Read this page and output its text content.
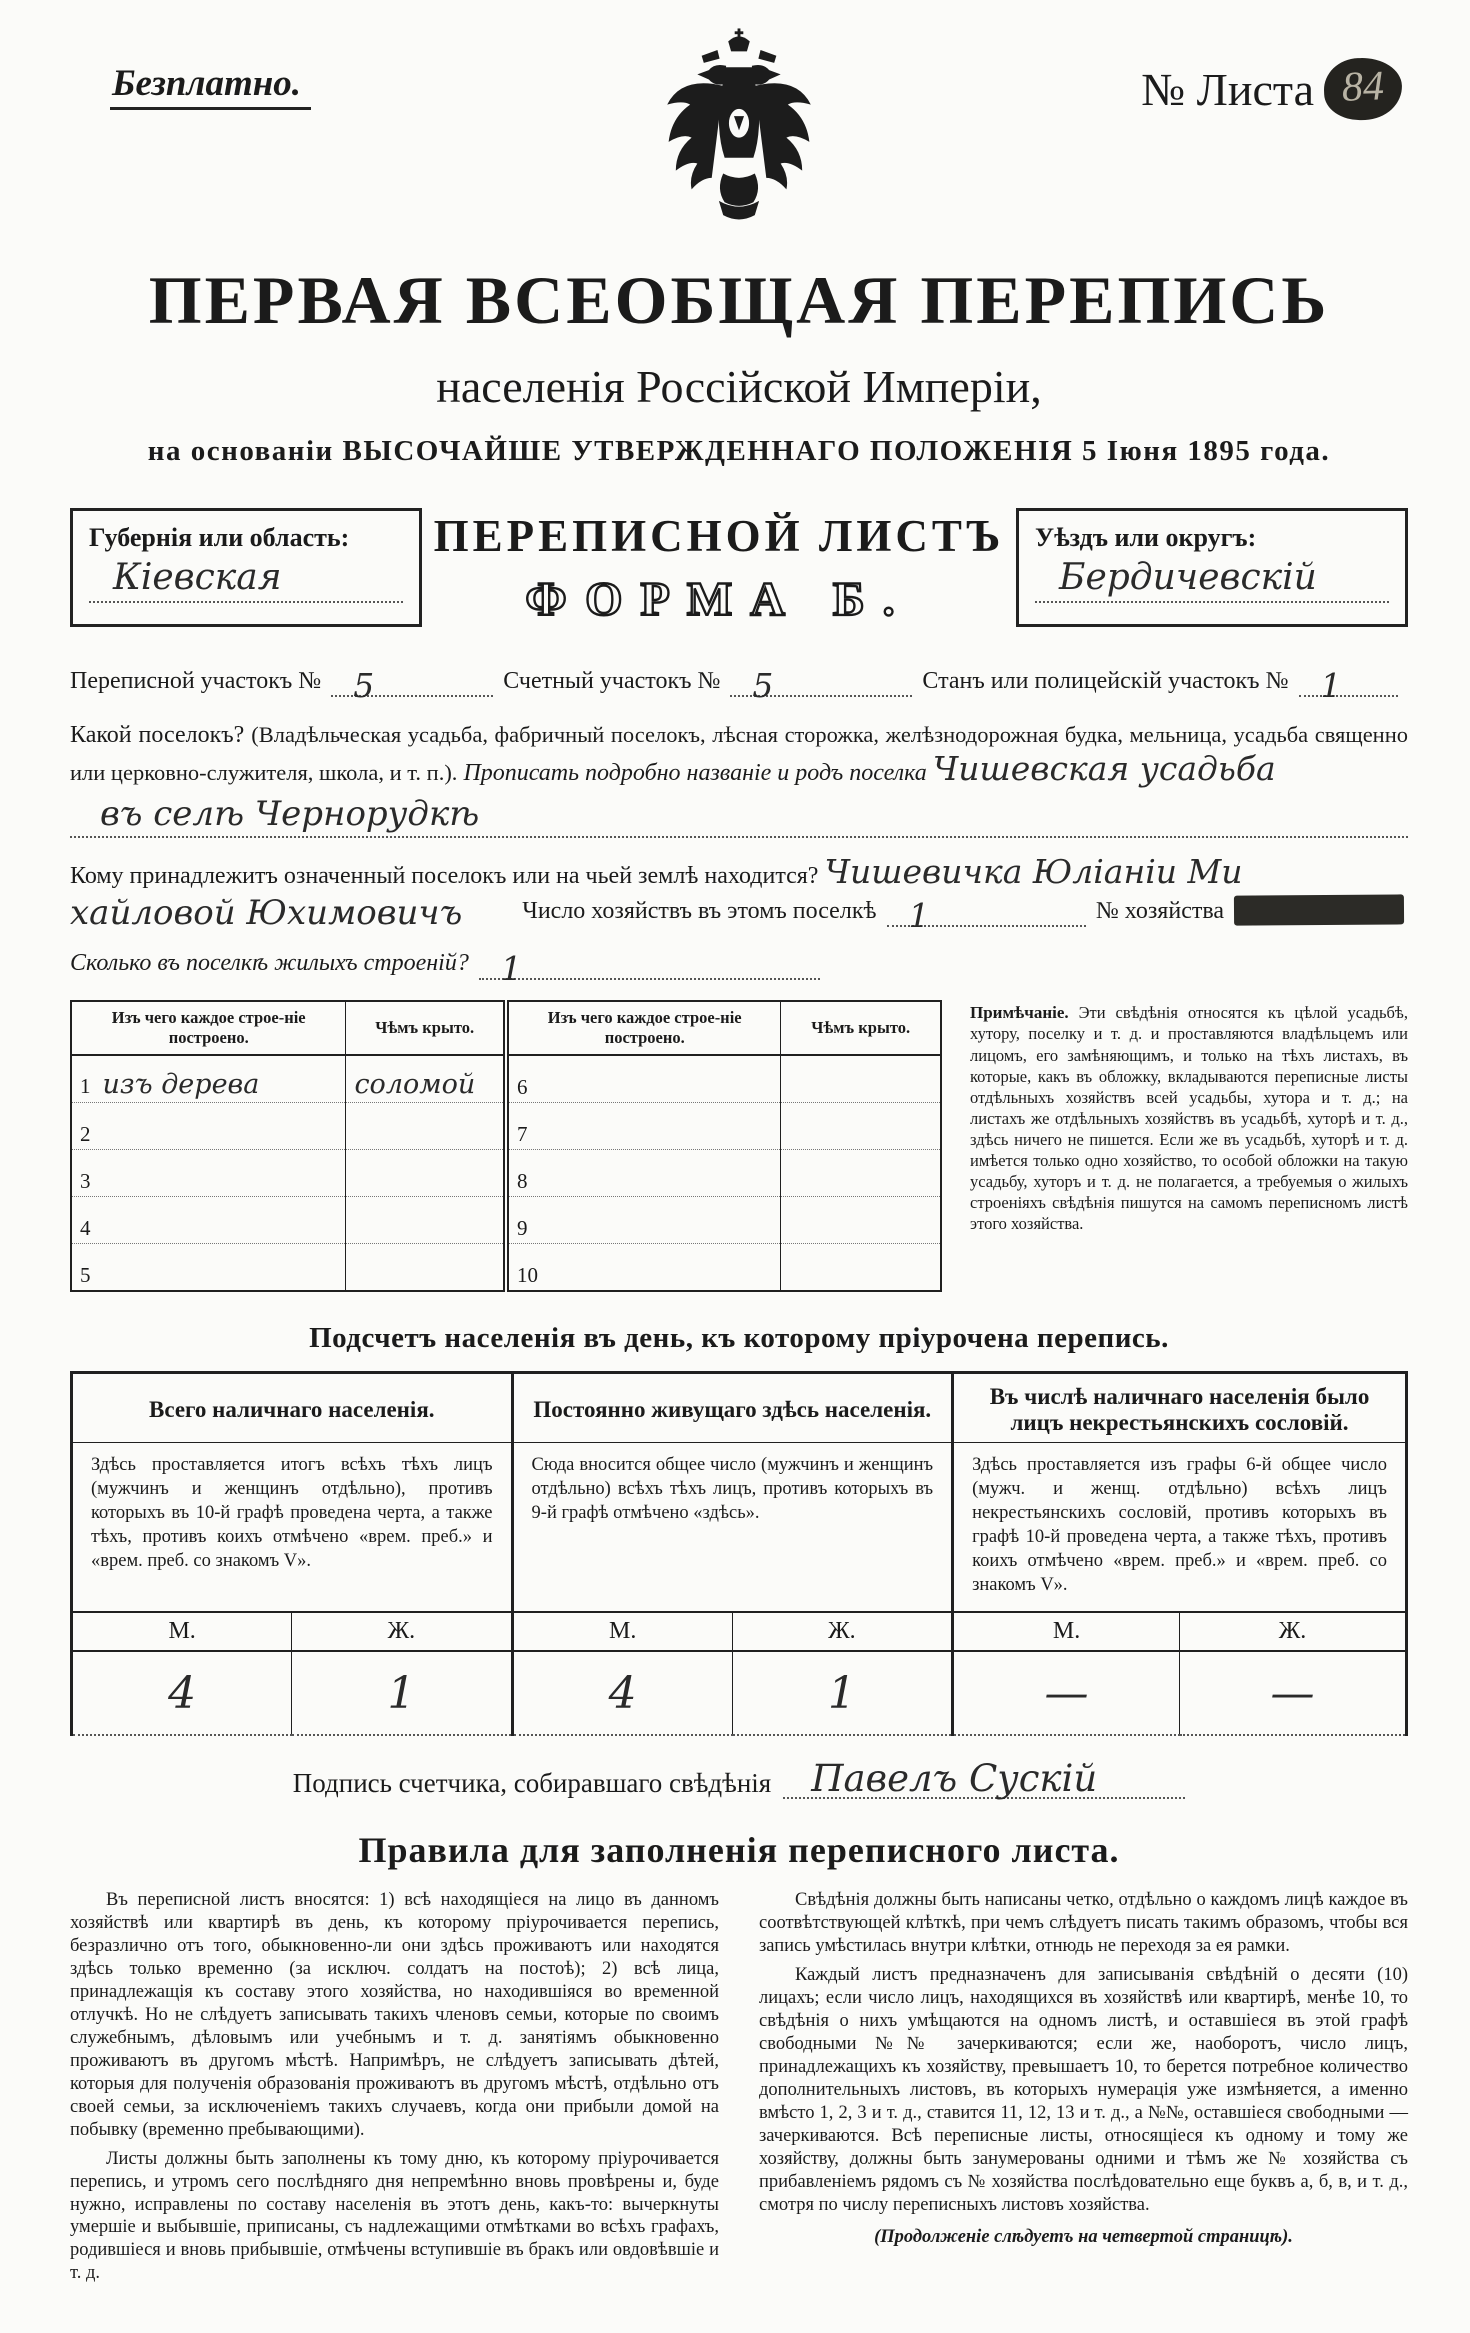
Безплатно.	№ Листа 84
ПЕРВАЯ ВСЕОБЩАЯ ПЕРЕПИСЬ
населенія Россійской Имперіи,
на основаніи ВЫСОЧАЙШЕ УТВЕРЖДЕННАГО ПОЛОЖЕНІЯ 5 Іюня 1895 года.
Губернія или область:
Кіевская
ПЕРЕПИСНОЙ ЛИСТЪ
ФОРМА Б.
Уѣздъ или округъ:
Бердичевскій
Переписной участокъ № 5	Счетный участокъ № 5	Станъ или полицейскій участокъ № 1
Какой поселокъ? (Владѣльческая усадьба, фабричный поселокъ, лѣсная сторожка, желѣзнодорожная будка, мельница, усадьба священно или церковно-служителя, школа, и т. п.). Прописать подробно названіе и родъ поселка Чишевская усадьба
въ селѣ Чернорудкѣ
Кому принадлежитъ означенный поселокъ или на чьей землѣ находится? Чишевичка Юліаніи Ми
хайловой Юхимовичъ	Число хозяйствъ въ этомъ поселкѣ 1	№ хозяйства
Сколько въ поселкѣ жилыхъ строеній? 1
Изъ чего каждое строе-ніе построено.	Чѣмъ крыто.	Изъ чего каждое строе-ніе построено.	Чѣмъ крыто.
1 изъ дерева	соломой	6	
2		7	
3		8	
4		9	
5		10	
Примѣчаніе. Эти свѣдѣнія относятся къ цѣлой усадьбѣ, хутору, поселку и т. д. и проставляются владѣльцемъ или лицомъ, его замѣняющимъ, и только на тѣхъ листахъ, въ которые, какъ въ обложку, вкладываются переписные листы отдѣльныхъ хозяйствъ всей усадьбы, хутора и т. д.; на листахъ же отдѣльныхъ хозяйствъ въ усадьбѣ, хуторѣ и т. д., здѣсь ничего не пишется. Если же въ усадьбѣ, хуторѣ и т. д. имѣется только одно хозяйство, то особой обложки на такую усадьбу, хуторъ и т. д. не полагается, а требуемыя о жилыхъ строеніяхъ свѣдѣнія пишутся на самомъ переписномъ листѣ этого хозяйства.
Подсчетъ населенія въ день, къ которому пріурочена перепись.
Всего наличнаго населенія.		Постоянно живущаго здѣсь населенія.		Въ числѣ наличнаго населенія было лицъ некрестьянскихъ сословій.	
Здѣсь проставляется итогъ всѣхъ тѣхъ лицъ (мужчинъ и женщинъ отдѣльно), противъ которыхъ въ 10-й графѣ проведена черта, а также тѣхъ, противъ коихъ отмѣчено «врем. преб.» и «врем. преб. со знакомъ V».		Сюда вносится общее число (мужчинъ и женщинъ отдѣльно) всѣхъ тѣхъ лицъ, противъ которыхъ въ 9-й графѣ отмѣчено «здѣсь».		Здѣсь проставляется изъ графы 6-й общее число (мужч. и женщ. отдѣльно) всѣхъ лицъ некрестьянскихъ сословій, противъ которыхъ въ графѣ 10-й проведена черта, а также тѣхъ, противъ коихъ отмѣчено «врем. преб.» и «врем. преб. со знакомъ V».	
М.	Ж.	М.	Ж.	М.	Ж.
4	1	4	1	—	—
Подпись счетчика, собиравшаго свѣдѣнія	Павелъ Сускій
Правила для заполненія переписного листа.

Въ переписной листъ вносятся: 1) всѣ находящіеся на лицо въ данномъ хозяйствѣ или квартирѣ въ день, къ которому пріурочивается перепись, безразлично отъ того, обыкновенно-ли они здѣсь проживаютъ или находятся здѣсь только временно (за исключ. солдатъ на постоѣ); 2) всѣ лица, принадлежащія къ составу этого хозяйства, но находившіяся во временной отлучкѣ. Но не слѣдуетъ записывать такихъ членовъ семьи, которые по своимъ служебнымъ, дѣловымъ или учебнымъ и т. д. занятіямъ обыкновенно проживаютъ въ другомъ мѣстѣ. Напримѣръ, не слѣдуетъ записывать дѣтей, которыя для полученія образованія проживаютъ въ другомъ мѣстѣ, отдѣльно отъ своей семьи, за исключеніемъ такихъ случаевъ, когда они прибыли домой на побывку (временно пребывающими).

Листы должны быть заполнены къ тому дню, къ которому пріурочивается перепись, и утромъ сего послѣдняго дня непремѣнно вновь провѣрены и, буде нужно, исправлены по составу населенія въ этотъ день, какъ-то: вычеркнуты умершіе и выбывшіе, приписаны, съ надлежащими отмѣтками во всѣхъ графахъ, родившіеся и вновь прибывшіе, отмѣчены вступившіе въ бракъ или овдовѣвшіе и т. д.

Свѣдѣнія должны быть написаны четко, отдѣльно о каждомъ лицѣ каждое въ соотвѣтствующей клѣткѣ, при чемъ слѣдуетъ писать такимъ образомъ, чтобы вся запись умѣстилась внутри клѣтки, отнюдь не переходя за ея рамки.

Каждый листъ предназначенъ для записыванія свѣдѣній о десяти (10) лицахъ; если число лицъ, находящихся въ хозяйствѣ или квартирѣ, менѣе 10, то свѣдѣнія о нихъ умѣщаются на одномъ листѣ, и оставшіеся въ этой графѣ свободными №№ зачеркиваются; если же, наоборотъ, число лицъ, принадлежащихъ къ хозяйству, превышаетъ 10, то берется потребное количество дополнительныхъ листовъ, въ которыхъ нумерація уже измѣняется, а именно вмѣсто 1, 2, 3 и т. д., ставится 11, 12, 13 и т. д., а №№, оставшіеся свободными — зачеркиваются. Всѣ переписные листы, относящіеся къ одному и тому же хозяйству, должны быть занумерованы одними и тѣмъ же № хозяйства съ прибавленіемъ рядомъ съ № хозяйства послѣдовательно еще буквъ а, б, в, и т. д., смотря по числу переписныхъ листовъ хозяйства.

(Продолженіе слѣдуетъ на четвертой страницѣ).
